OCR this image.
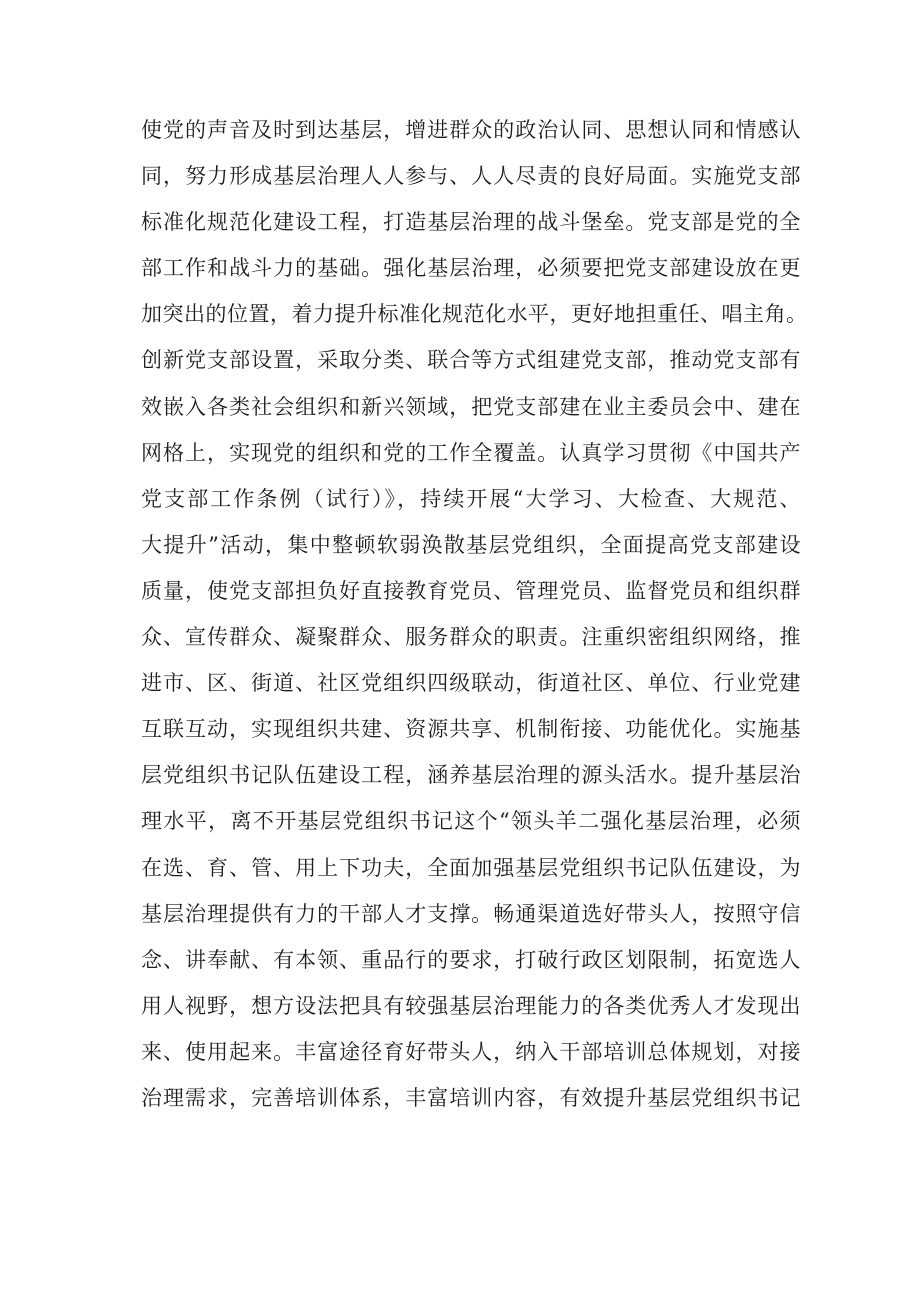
使党的声音及时到达基层，增进群众的政治认同、思想认同和情感认
同，努力形成基层治理人人参与、人人尽责的良好局面。实施党支部
标准化规范化建设工程，打造基层治理的战斗堡垒。党支部是党的全
部工作和战斗力的基础。强化基层治理，必须要把党支部建设放在更
加突出的位置，着力提升标准化规范化水平，更好地担重任、唱主角。
创新党支部设置，采取分类、联合等方式组建党支部，推动党支部有
效嵌入各类社会组织和新兴领域，把党支部建在业主委员会中、建在
网格上，实现党的组织和党的工作全覆盖。认真学习贯彻《中国共产
党支部工作条例（试行）》，持续开展“大学习、大检查、大规范、
大提升”活动，集中整顿软弱涣散基层党组织，全面提高党支部建设
质量，使党支部担负好直接教育党员、管理党员、监督党员和组织群
众、宣传群众、凝聚群众、服务群众的职责。注重织密组织网络，推
进市、区、街道、社区党组织四级联动，街道社区、单位、行业党建
互联互动，实现组织共建、资源共享、机制衔接、功能优化。实施基
层党组织书记队伍建设工程，涵养基层治理的源头活水。提升基层治
理水平，离不开基层党组织书记这个“领头羊二强化基层治理，必须
在选、育、管、用上下功夫，全面加强基层党组织书记队伍建设，为
基层治理提供有力的干部人才支撑。畅通渠道选好带头人，按照守信
念、讲奉献、有本领、重品行的要求，打破行政区划限制，拓宽选人
用人视野，想方设法把具有较强基层治理能力的各类优秀人才发现出
来、使用起来。丰富途径育好带头人，纳入干部培训总体规划，对接
治理需求，完善培训体系，丰富培训内容，有效提升基层党组织书记
